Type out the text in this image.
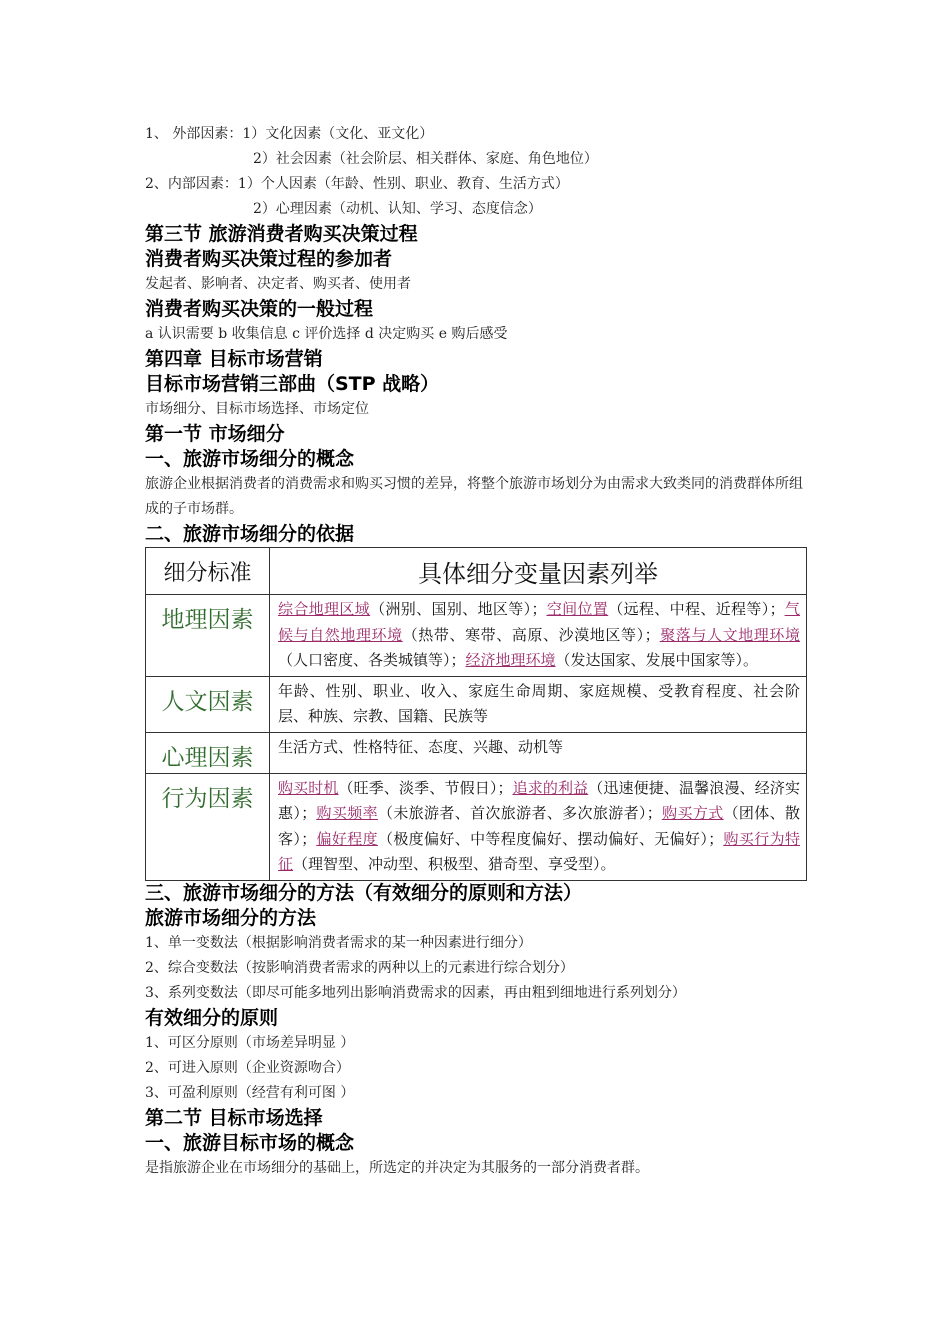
1、 外部因素：1）文化因素（文化、亚文化）
2）社会因素（社会阶层、相关群体、家庭、角色地位）
2、内部因素：1）个人因素（年龄、性别、职业、教育、生活方式）
2）心理因素（动机、认知、学习、态度信念）
第三节 旅游消费者购买决策过程
消费者购买决策过程的参加者
发起者、影响者、决定者、购买者、使用者
消费者购买决策的一般过程
a 认识需要 b 收集信息 c 评价选择 d 决定购买 e 购后感受
第四章 目标市场营销
目标市场营销三部曲（STP 战略）
市场细分、目标市场选择、市场定位
第一节 市场细分
一、旅游市场细分的概念
旅游企业根据消费者的消费需求和购买习惯的差异，将整个旅游市场划分为由需求大致类同的消费群体所组成的子市场群。
二、旅游市场细分的依据
细分标准	具体细分变量因素列举
地理因素	综合地理区域（洲别、国别、地区等）；空间位置（远程、中程、近程等）；气候与自然地理环境（热带、寒带、高原、沙漠地区等）；聚落与人文地理环境（人口密度、各类城镇等）；经济地理环境（发达国家、发展中国家等）。
人文因素	年龄、性别、职业、收入、家庭生命周期、家庭规模、受教育程度、社会阶层、种族、宗教、国籍、民族等
心理因素	生活方式、性格特征、态度、兴趣、动机等
行为因素	购买时机（旺季、淡季、节假日）；追求的利益（迅速便捷、温馨浪漫、经济实惠）；购买频率（未旅游者、首次旅游者、多次旅游者）；购买方式（团体、散客）；偏好程度（极度偏好、中等程度偏好、摆动偏好、无偏好）；购买行为特征（理智型、冲动型、积极型、猎奇型、享受型）。
三、旅游市场细分的方法（有效细分的原则和方法）
旅游市场细分的方法
1、单一变数法（根据影响消费者需求的某一种因素进行细分）
2、综合变数法（按影响消费者需求的两种以上的元素进行综合划分）
3、系列变数法（即尽可能多地列出影响消费需求的因素，再由粗到细地进行系列划分）
有效细分的原则
1、可区分原则（市场差异明显 ）
2、可进入原则（企业资源吻合）
3、可盈利原则（经营有利可图 ）
第二节 目标市场选择
一、旅游目标市场的概念
是指旅游企业在市场细分的基础上，所选定的并决定为其服务的一部分消费者群。
